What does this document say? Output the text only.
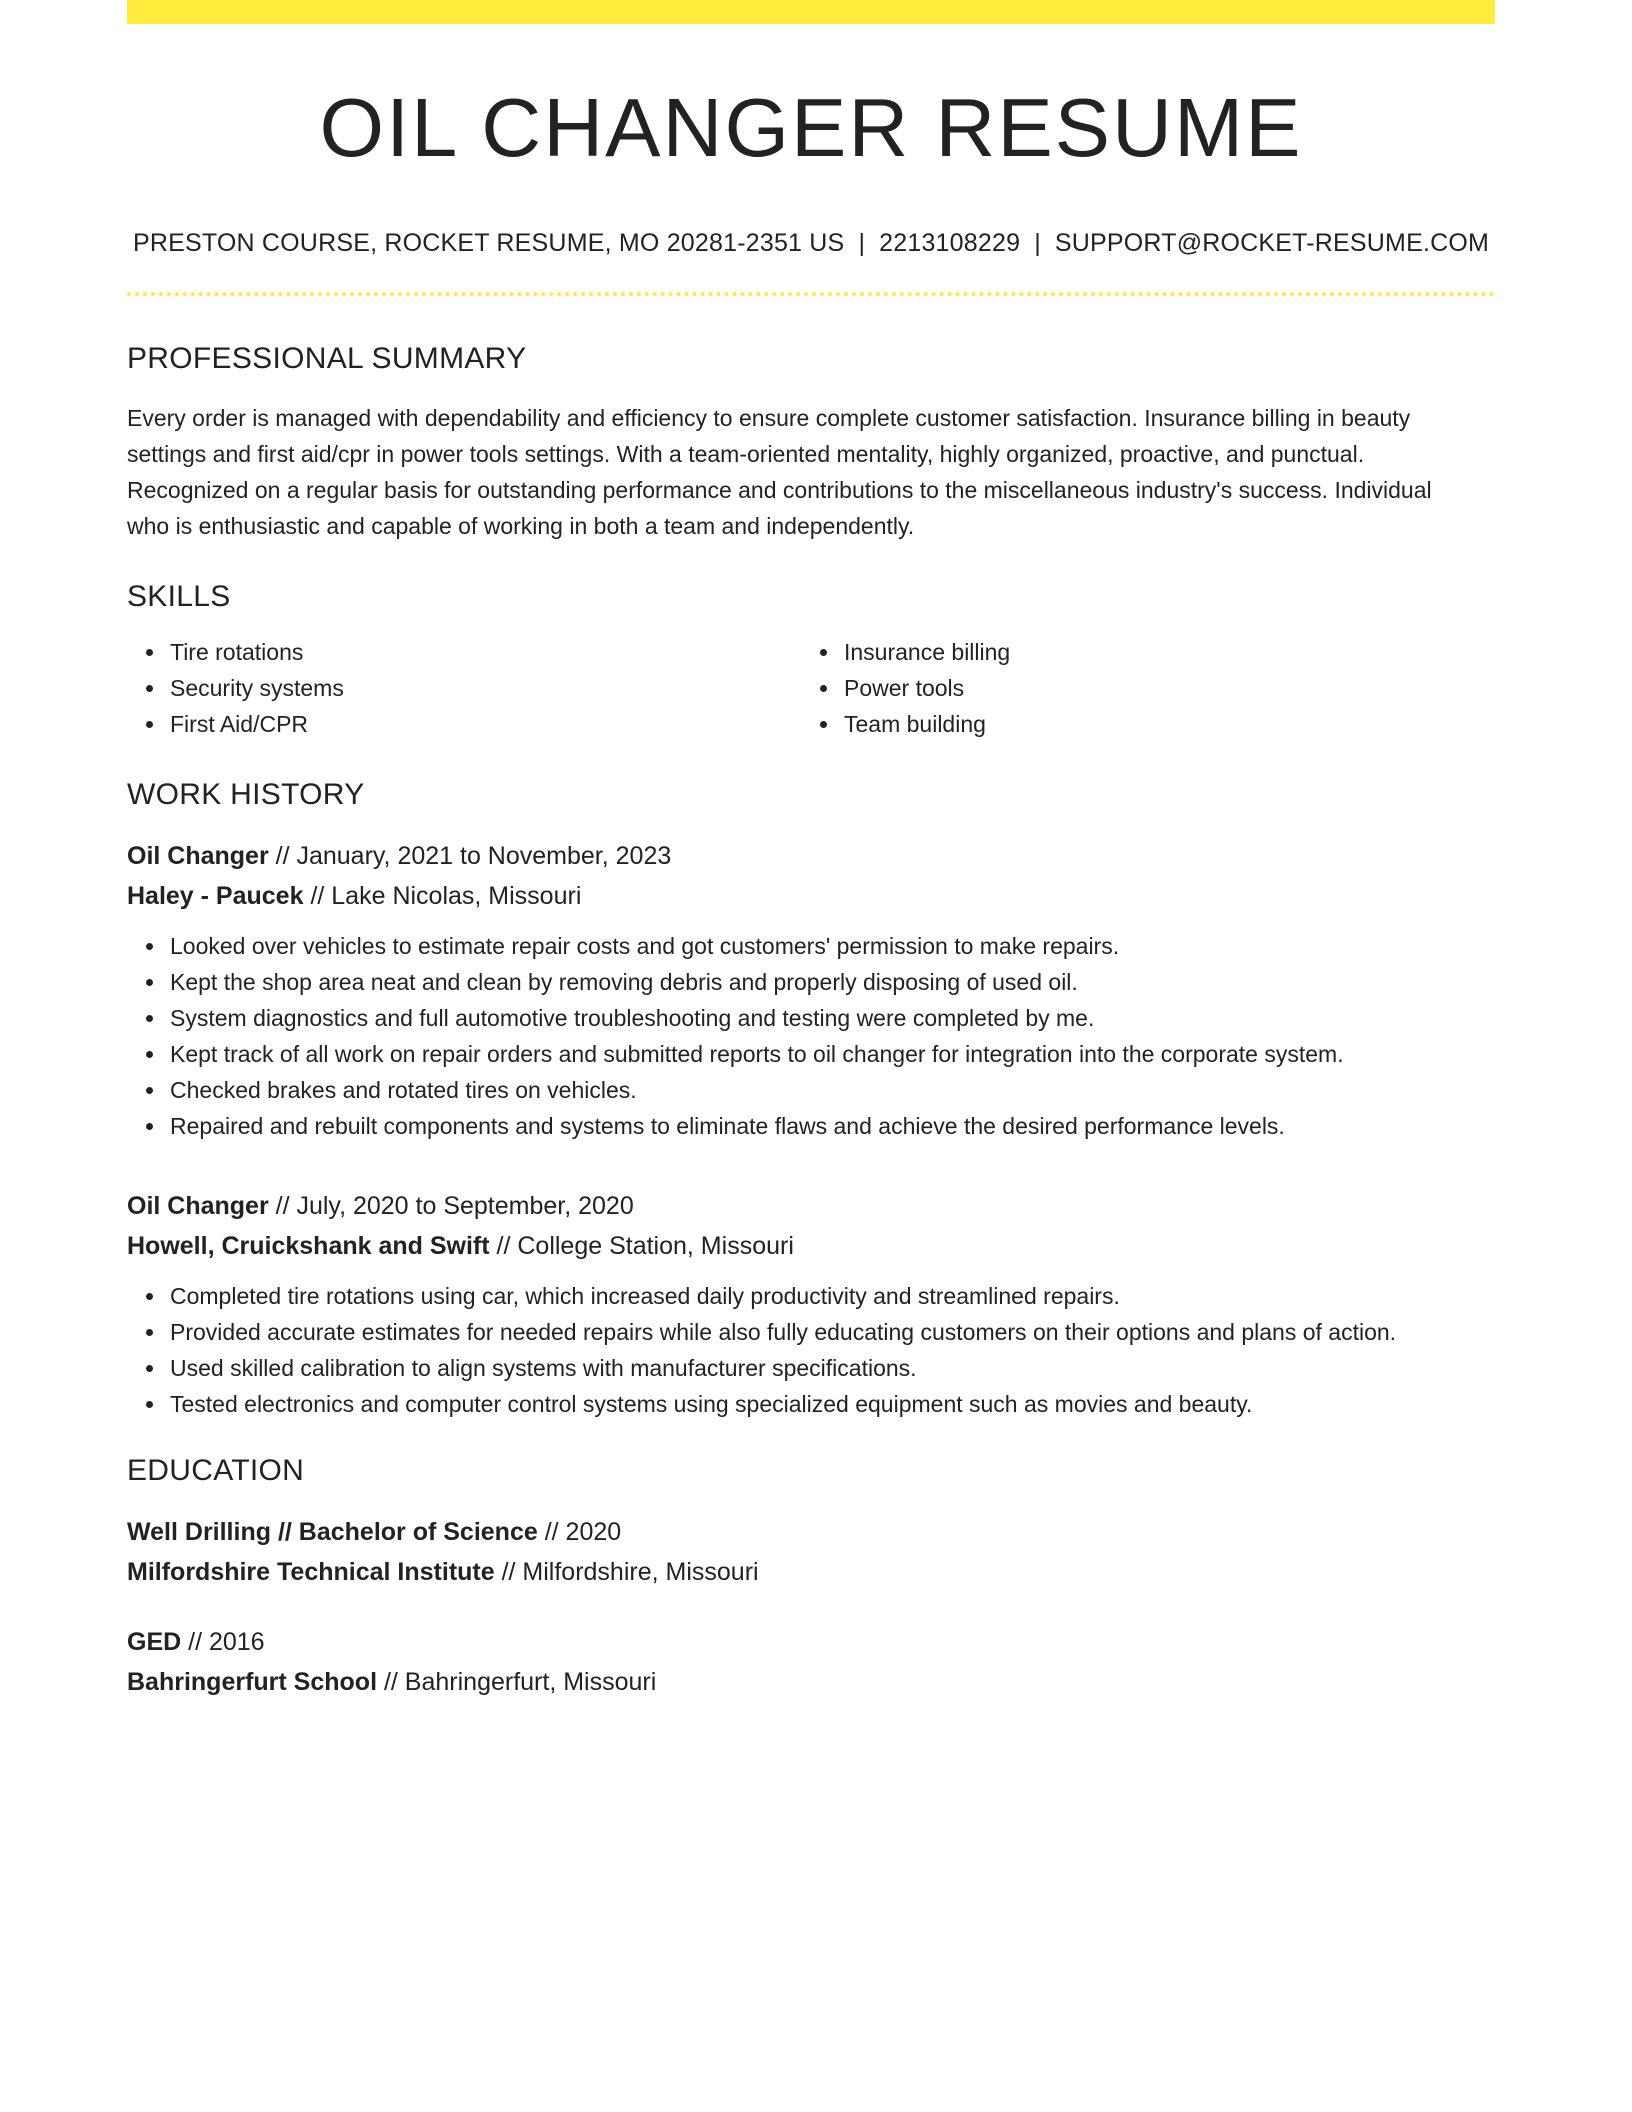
OIL CHANGER RESUME
PRESTON COURSE, ROCKET RESUME, MO 20281-2351 US | 2213108229 | SUPPORT@ROCKET-RESUME.COM
PROFESSIONAL SUMMARY

Every order is managed with dependability and efficiency to ensure complete customer satisfaction. Insurance billing in beauty settings and first aid/cpr in power tools settings. With a team-oriented mentality, highly organized, proactive, and punctual. Recognized on a regular basis for outstanding performance and contributions to the miscellaneous industry's success. Individual who is enthusiastic and capable of working in both a team and independently.

SKILLS
Tire rotations
Security systems
First Aid/CPR
Insurance billing
Power tools
Team building
WORK HISTORY
Oil Changer // January, 2021 to November, 2023
Haley - Paucek // Lake Nicolas, Missouri
Looked over vehicles to estimate repair costs and got customers' permission to make repairs.
Kept the shop area neat and clean by removing debris and properly disposing of used oil.
System diagnostics and full automotive troubleshooting and testing were completed by me.
Kept track of all work on repair orders and submitted reports to oil changer for integration into the corporate system.
Checked brakes and rotated tires on vehicles.
Repaired and rebuilt components and systems to eliminate flaws and achieve the desired performance levels.
Oil Changer // July, 2020 to September, 2020
Howell, Cruickshank and Swift // College Station, Missouri
Completed tire rotations using car, which increased daily productivity and streamlined repairs.
Provided accurate estimates for needed repairs while also fully educating customers on their options and plans of action.
Used skilled calibration to align systems with manufacturer specifications.
Tested electronics and computer control systems using specialized equipment such as movies and beauty.
EDUCATION
Well Drilling // Bachelor of Science // 2020
Milfordshire Technical Institute // Milfordshire, Missouri
GED // 2016
Bahringerfurt School // Bahringerfurt, Missouri
